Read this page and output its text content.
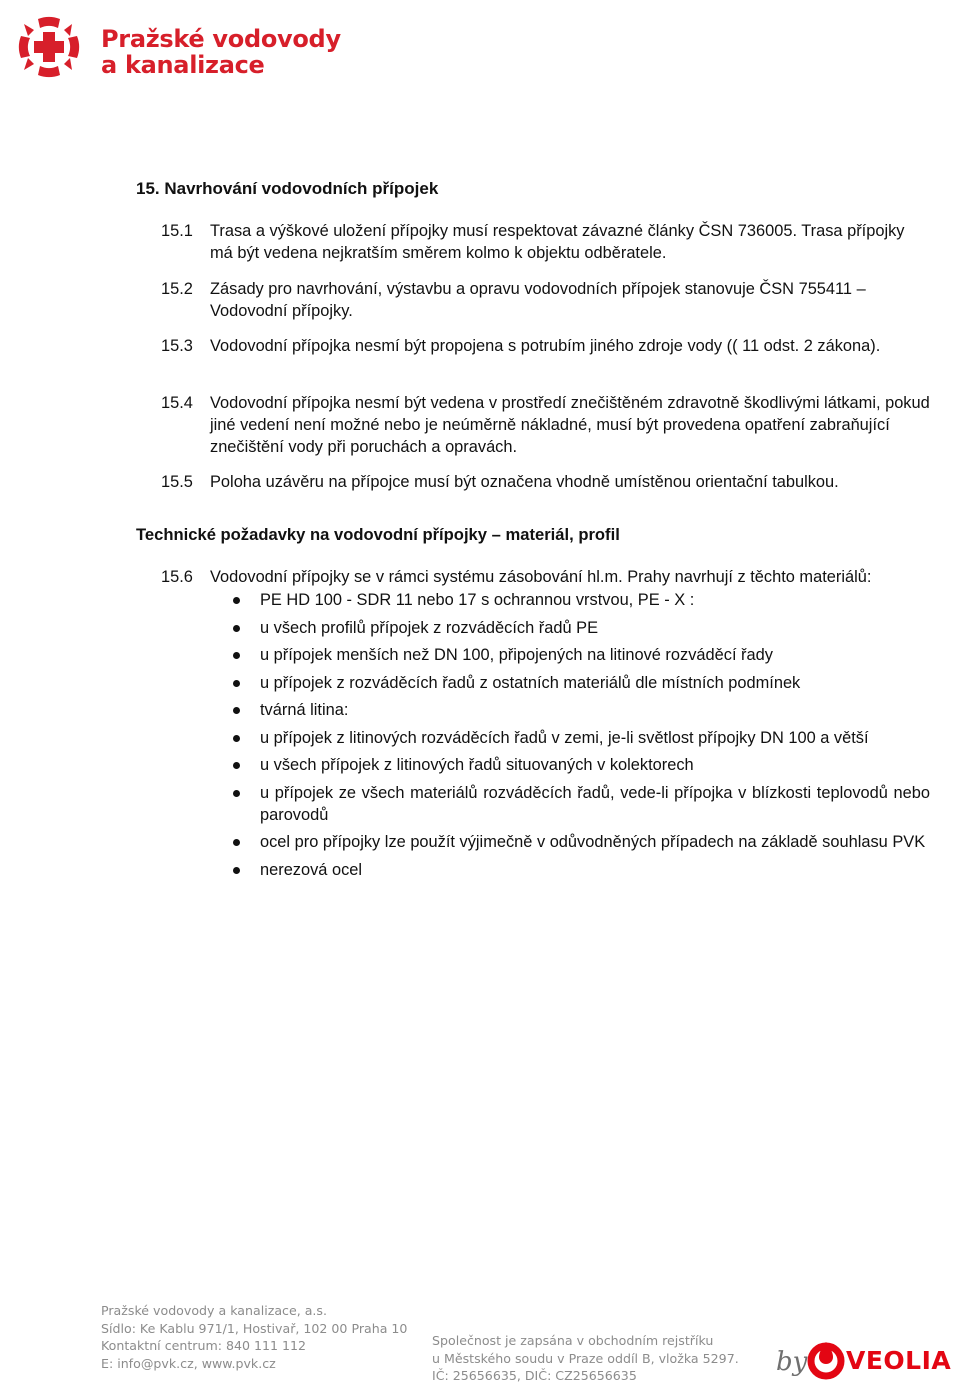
Pražské vodovody
a kanalizace
15. Navrhování vodovodních přípojek
15.1 Trasa a výškové uložení přípojky musí respektovat závazné články ČSN 736005. Trasa přípojky má být vedena nejkratším směrem kolmo k objektu odběratele.
15.2 Zásady pro navrhování, výstavbu a opravu vodovodních přípojek stanovuje ČSN 755411 – Vodovodní přípojky.
15.3 Vodovodní přípojka nesmí být propojena s potrubím jiného zdroje vody (( 11 odst. 2 zákona).
15.4 Vodovodní přípojka nesmí být vedena v prostředí znečištěném zdravotně škodlivými látkami, pokud jiné vedení není možné nebo je neúměrně nákladné, musí být provedena opatření zabraňující znečištění vody při poruchách a opravách.
15.5 Poloha uzávěru na přípojce musí být označena vhodně umístěnou orientační tabulkou.
Technické požadavky na vodovodní přípojky – materiál, profil
15.6 Vodovodní přípojky se v rámci systému zásobování hl.m. Prahy navrhují z těchto materiálů:
PE HD 100 - SDR 11 nebo 17 s ochrannou vrstvou, PE - X :
u všech profilů přípojek z rozváděcích řadů PE
u přípojek menších než DN 100, připojených na litinové rozváděcí řady
u přípojek z rozváděcích řadů z ostatních materiálů dle místních podmínek
tvárná litina:
u přípojek z litinových rozváděcích řadů v zemi, je-li světlost přípojky DN 100 a větší
u všech přípojek z litinových řadů situovaných v kolektorech
u přípojek ze všech materiálů rozváděcích řadů, vede-li přípojka v blízkosti teplovodů nebo parovodů
ocel pro přípojky lze použít výjimečně v odůvodněných případech na základě souhlasu PVK
nerezová ocel
Pražské vodovody a kanalizace, a.s.
Sídlo: Ke Kablu 971/1, Hostivař, 102 00 Praha 10
Kontaktní centrum: 840 111 112
E: info@pvk.cz, www.pvk.cz
Společnost je zapsána v obchodním rejstříku
u Městského soudu v Praze oddíl B, vložka 5297.
IČ: 25656635, DIČ: CZ25656635	by VEOLIA
